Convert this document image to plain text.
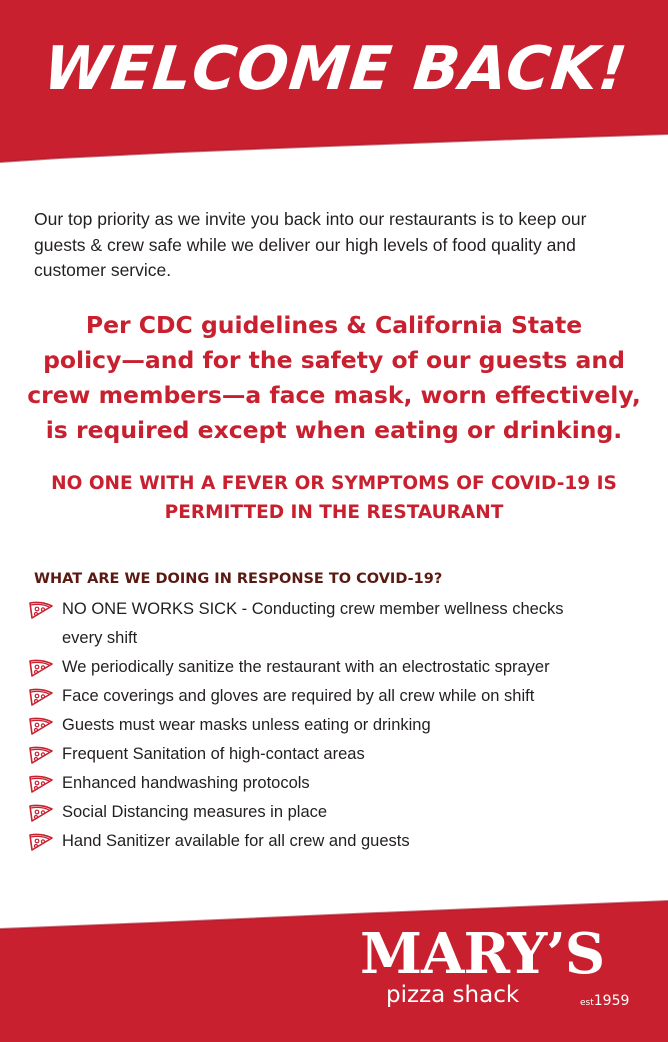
WELCOME BACK!
Our top priority as we invite you back into our restaurants is to keep our guests & crew safe while we deliver our high levels of food quality and customer service.
Per CDC guidelines & California State
policy—and for the safety of our guests and
crew members—a face mask, worn effectively,
is required except when eating or drinking.
NO ONE WITH A FEVER OR SYMPTOMS OF COVID-19 IS
PERMITTED IN THE RESTAURANT
WHAT ARE WE DOING IN RESPONSE TO COVID-19?
NO ONE WORKS SICK - Conducting crew member wellness checks every shift
We periodically sanitize the restaurant with an electrostatic sprayer
Face coverings and gloves are required by all crew while on shift
Guests must wear masks unless eating or drinking
Frequent Sanitation of high-contact areas
Enhanced handwashing protocols
Social Distancing measures in place
Hand Sanitizer available for all crew and guests
MARY’S
pizza shack	est1959
